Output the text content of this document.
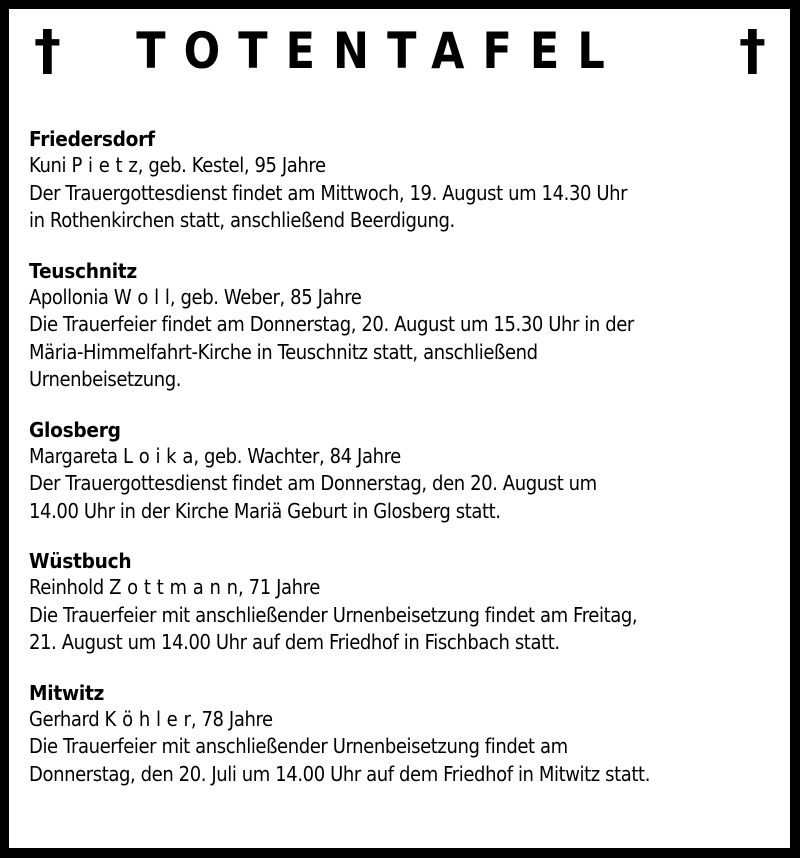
† TOTENTAFEL †
Friedersdorf
Kuni P i e t z, geb. Kestel, 95 Jahre
Der Trauergottesdienst findet am Mittwoch, 19. August um 14.30 Uhr
in Rothenkirchen statt, anschließend Beerdigung.
Teuschnitz
Apollonia W o l l, geb. Weber, 85 Jahre
Die Trauerfeier findet am Donnerstag, 20. August um 15.30 Uhr in der
Märia-Himmelfahrt-Kirche in Teuschnitz statt, anschließend
Urnenbeisetzung.
Glosberg
Margareta L o i k a, geb. Wachter, 84 Jahre
Der Trauergottesdienst findet am Donnerstag, den 20. August um
14.00 Uhr in der Kirche Mariä Geburt in Glosberg statt.
Wüstbuch
Reinhold Z o t t m a n n, 71 Jahre
Die Trauerfeier mit anschließender Urnenbeisetzung findet am Freitag,
21. August um 14.00 Uhr auf dem Friedhof in Fischbach statt.
Mitwitz
Gerhard K ö h l e r, 78 Jahre
Die Trauerfeier mit anschließender Urnenbeisetzung findet am
Donnerstag, den 20. Juli um 14.00 Uhr auf dem Friedhof in Mitwitz statt.
